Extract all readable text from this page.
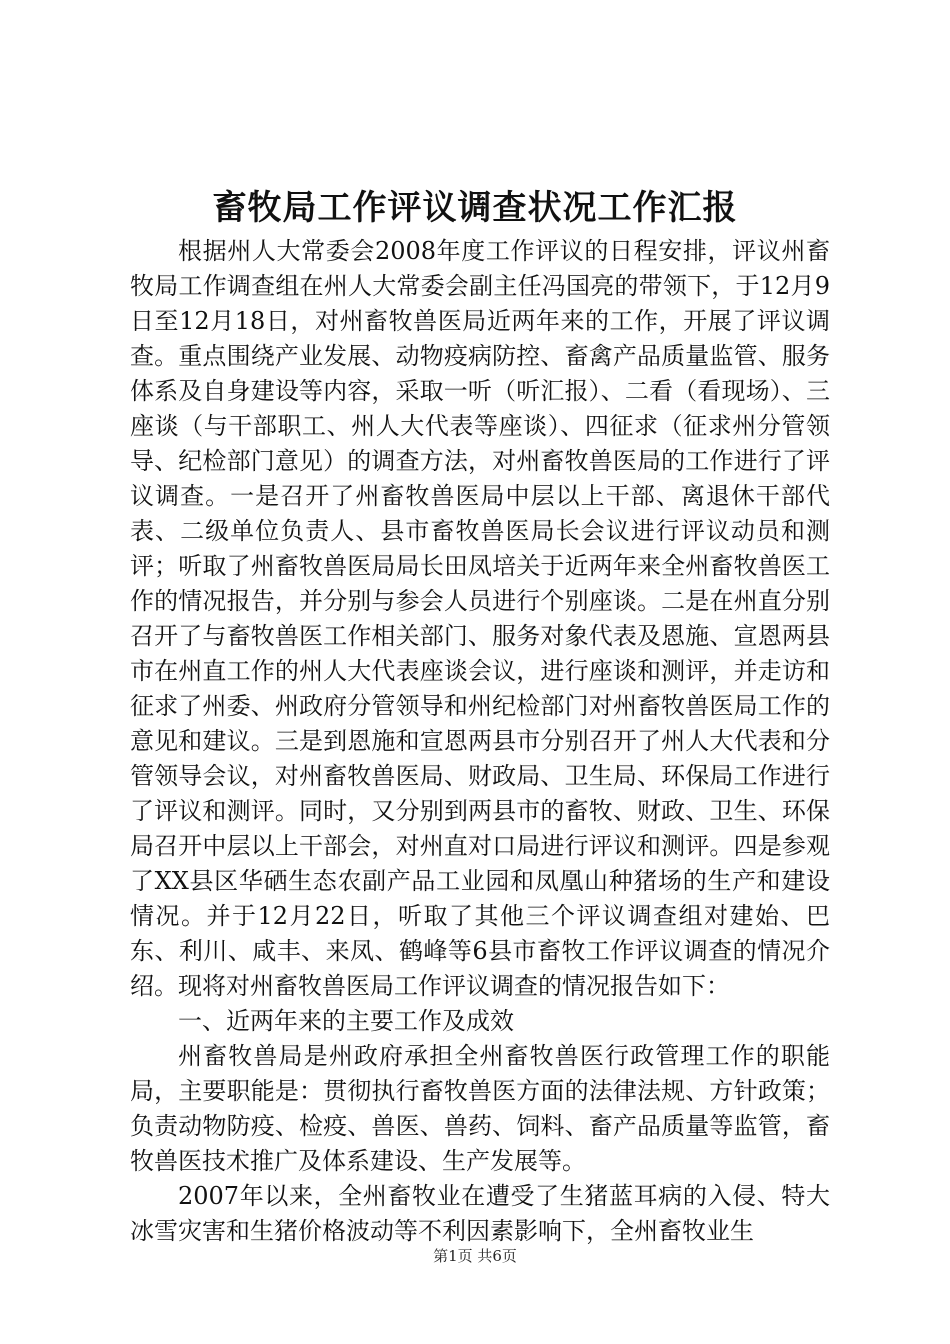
畜牧局工作评议调查状况工作汇报

根据州人大常委会2008年度工作评议的日程安排，评议州畜牧局工作调查组在州人大常委会副主任冯国亮的带领下，于12月9日至12月18日，对州畜牧兽医局近两年来的工作，开展了评议调查。重点围绕产业发展、动物疫病防控、畜禽产品质量监管、服务体系及自身建设等内容，采取一听（听汇报）、二看（看现场）、三座谈（与干部职工、州人大代表等座谈）、四征求（征求州分管领导、纪检部门意见）的调查方法，对州畜牧兽医局的工作进行了评议调查。一是召开了州畜牧兽医局中层以上干部、离退休干部代表、二级单位负责人、县市畜牧兽医局长会议进行评议动员和测评；听取了州畜牧兽医局局长田凤培关于近两年来全州畜牧兽医工作的情况报告，并分别与参会人员进行个别座谈。二是在州直分别召开了与畜牧兽医工作相关部门、服务对象代表及恩施、宣恩两县市在州直工作的州人大代表座谈会议，进行座谈和测评，并走访和征求了州委、州政府分管领导和州纪检部门对州畜牧兽医局工作的意见和建议。三是到恩施和宣恩两县市分别召开了州人大代表和分管领导会议，对州畜牧兽医局、财政局、卫生局、环保局工作进行了评议和测评。同时，又分别到两县市的畜牧、财政、卫生、环保局召开中层以上干部会，对州直对口局进行评议和测评。四是参观了XX县区华硒生态农副产品工业园和凤凰山种猪场的生产和建设情况。并于12月22日，听取了其他三个评议调查组对建始、巴东、利川、咸丰、来凤、鹤峰等6县市畜牧工作评议调查的情况介绍。现将对州畜牧兽医局工作评议调查的情况报告如下：

一、近两年来的主要工作及成效

州畜牧兽局是州政府承担全州畜牧兽医行政管理工作的职能局，主要职能是：贯彻执行畜牧兽医方面的法律法规、方针政策；负责动物防疫、检疫、兽医、兽药、饲料、畜产品质量等监管，畜牧兽医技术推广及体系建设、生产发展等。

2007年以来，全州畜牧业在遭受了生猪蓝耳病的入侵、特大冰雪灾害和生猪价格波动等不利因素影响下，全州畜牧业生

第1页 共6页
